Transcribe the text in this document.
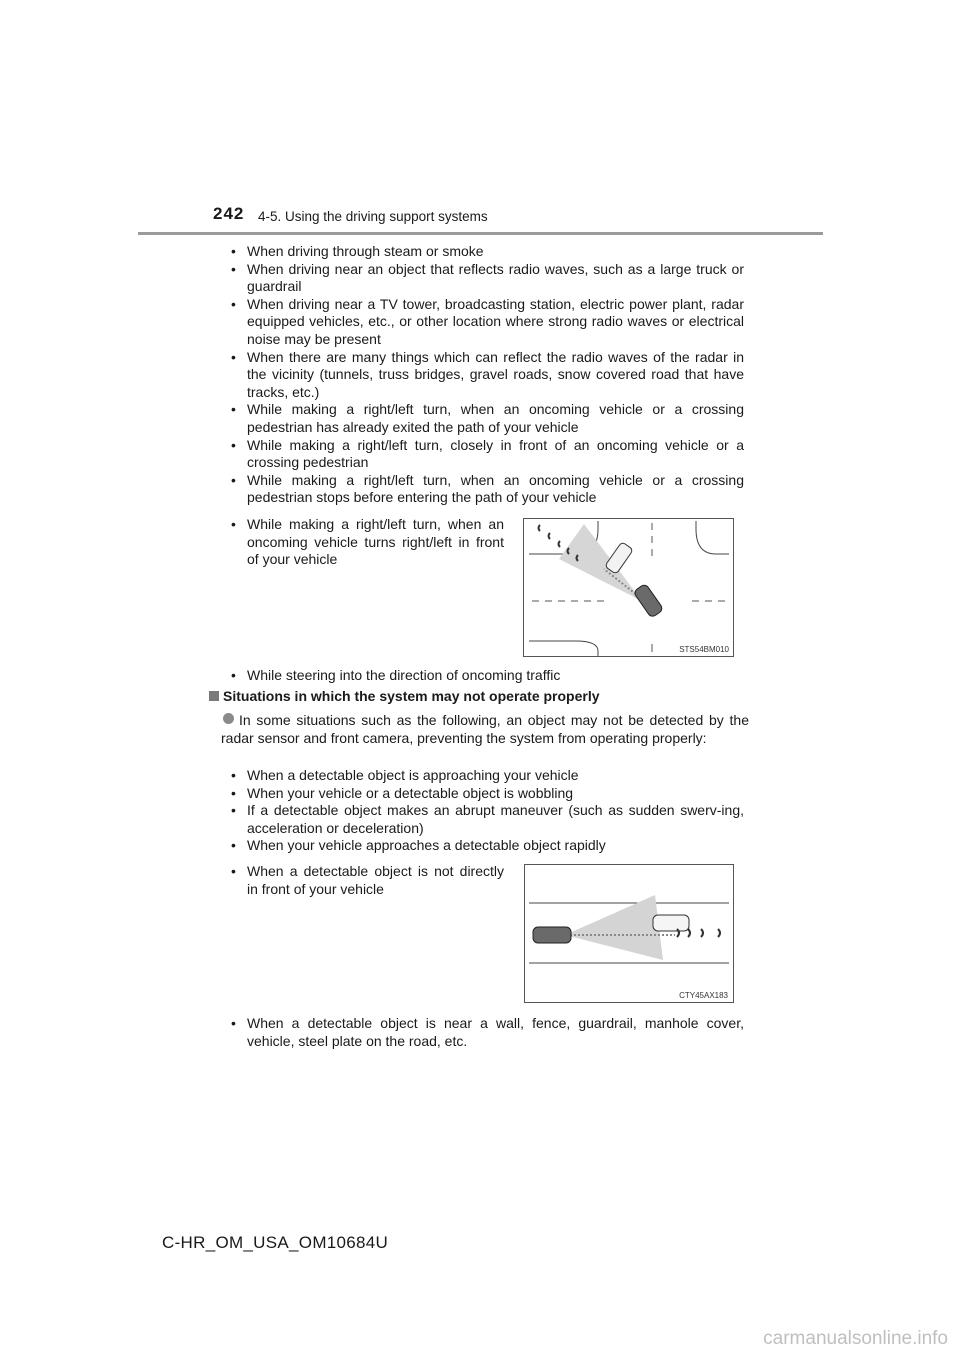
242 4-5. Using the driving support systems
• When driving through steam or smoke
• When driving near an object that reflects radio waves, such as a large truck or guardrail
• When driving near a TV tower, broadcasting station, electric power plant, radar equipped vehicles, etc., or other location where strong radio waves or electrical noise may be present
• When there are many things which can reflect the radio waves of the radar in the vicinity (tunnels, truss bridges, gravel roads, snow covered road that have tracks, etc.)
• While making a right/left turn, when an oncoming vehicle or a crossing pedestrian has already exited the path of your vehicle
• While making a right/left turn, closely in front of an oncoming vehicle or a crossing pedestrian
• While making a right/left turn, when an oncoming vehicle or a crossing pedestrian stops before entering the path of your vehicle
• While making a right/left turn, when an oncoming vehicle turns right/left in front of your vehicle
STS54BM010
• While steering into the direction of oncoming traffic
Situations in which the system may not operate properly
In some situations such as the following, an object may not be detected by the radar sensor and front camera, preventing the system from operating properly:
• When a detectable object is approaching your vehicle
• When your vehicle or a detectable object is wobbling
• If a detectable object makes an abrupt maneuver (such as sudden swerv-ing, acceleration or deceleration)
• When your vehicle approaches a detectable object rapidly
• When a detectable object is not directly in front of your vehicle
CTY45AX183
• When a detectable object is near a wall, fence, guardrail, manhole cover, vehicle, steel plate on the road, etc.
C-HR_OM_USA_OM10684U
carmanualsonline.info
